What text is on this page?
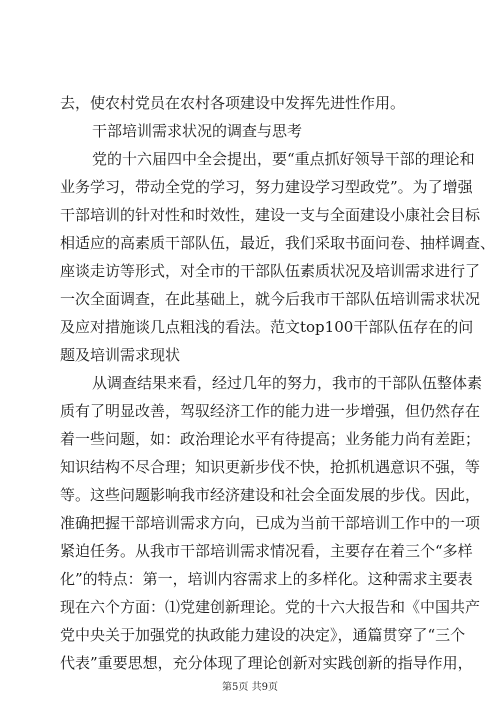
去，使农村党员在农村各项建设中发挥先进性作用。
干部培训需求状况的调查与思考
党的十六届四中全会提出，要“重点抓好领导干部的理论和
业务学习，带动全党的学习，努力建设学习型政党”。为了增强
干部培训的针对性和时效性，建设一支与全面建设小康社会目标
相适应的高素质干部队伍，最近，我们采取书面问卷、抽样调查、
座谈走访等形式，对全市的干部队伍素质状况及培训需求进行了
一次全面调查，在此基础上，就今后我市干部队伍培训需求状况
及应对措施谈几点粗浅的看法。范文top100干部队伍存在的问
题及培训需求现状
从调查结果来看，经过几年的努力，我市的干部队伍整体素
质有了明显改善，驾驭经济工作的能力进一步增强，但仍然存在
着一些问题，如：政治理论水平有待提高；业务能力尚有差距；
知识结构不尽合理；知识更新步伐不快，抢抓机遇意识不强，等
等。这些问题影响我市经济建设和社会全面发展的步伐。因此，
准确把握干部培训需求方向，已成为当前干部培训工作中的一项
紧迫任务。从我市干部培训需求情况看，主要存在着三个“多样
化”的特点：第一，培训内容需求上的多样化。这种需求主要表
现在六个方面：⑴党建创新理论。党的十六大报告和《中国共产
党中央关于加强党的执政能力建设的决定》，通篇贯穿了“三个
代表”重要思想，充分体现了理论创新对实践创新的指导作用，
第5页 共9页
